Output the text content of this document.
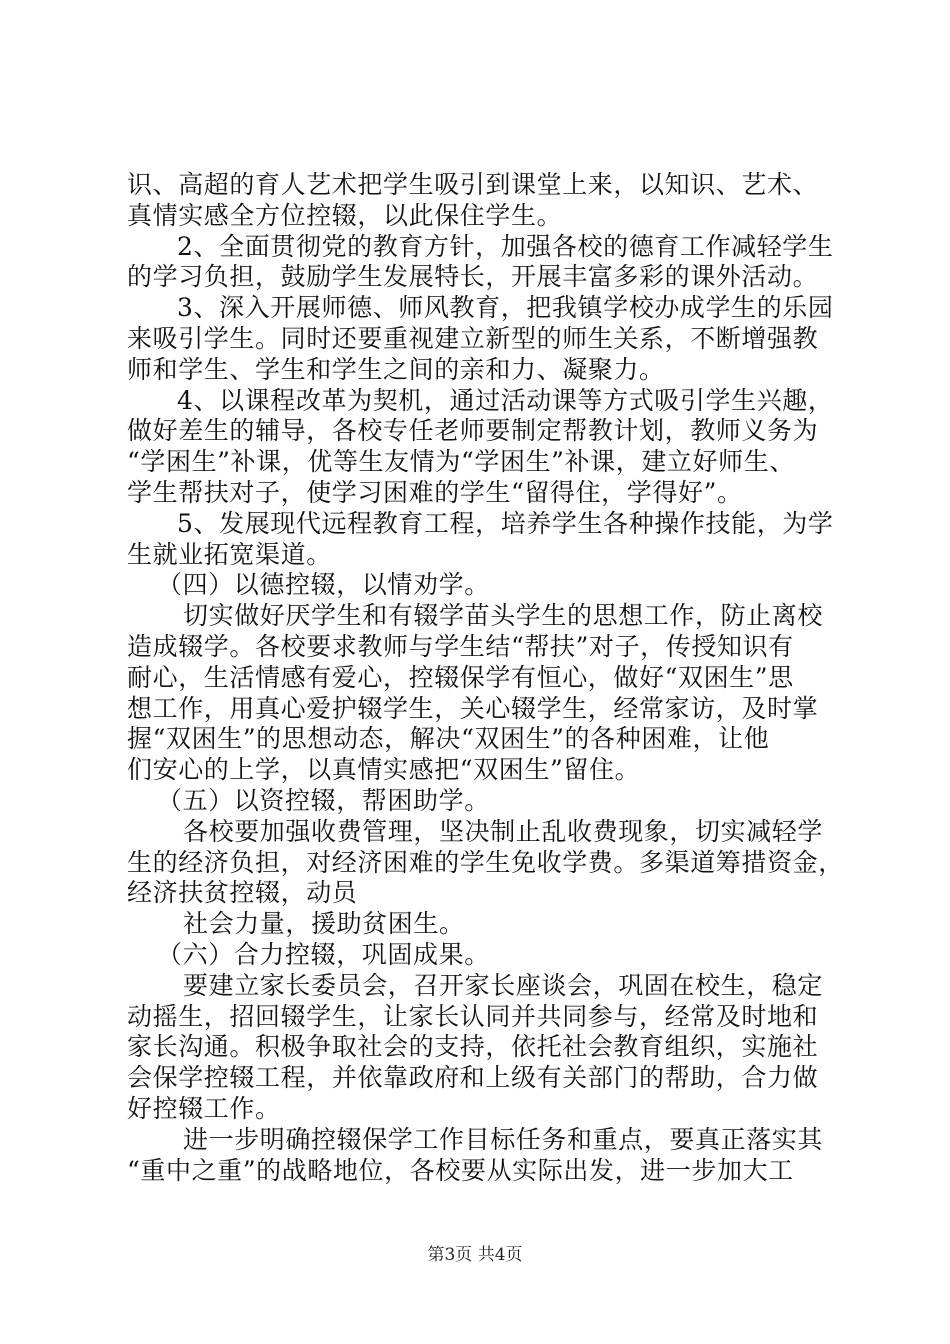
识、高超的育人艺术把学生吸引到课堂上来，以知识、艺术、
真情实感全方位控辍，以此保住学生。
2、全面贯彻党的教育方针，加强各校的德育工作减轻学生
的学习负担，鼓励学生发展特长，开展丰富多彩的课外活动。
3、深入开展师德、师风教育，把我镇学校办成学生的乐园
来吸引学生。同时还要重视建立新型的师生关系，不断增强教
师和学生、学生和学生之间的亲和力、凝聚力。
4、以课程改革为契机，通过活动课等方式吸引学生兴趣，
做好差生的辅导，各校专任老师要制定帮教计划，教师义务为
“学困生”补课，优等生友情为“学困生”补课，建立好师生、
学生帮扶对子，使学习困难的学生“留得住，学得好”。
5、发展现代远程教育工程，培养学生各种操作技能，为学
生就业拓宽渠道。
（四）以德控辍，以情劝学。
切实做好厌学生和有辍学苗头学生的思想工作，防止离校
造成辍学。各校要求教师与学生结“帮扶”对子，传授知识有
耐心，生活情感有爱心，控辍保学有恒心，做好“双困生”思
想工作，用真心爱护辍学生，关心辍学生，经常家访，及时掌
握“双困生”的思想动态，解决“双困生”的各种困难，让他
们安心的上学，以真情实感把“双困生”留住。
（五）以资控辍，帮困助学。
各校要加强收费管理，坚决制止乱收费现象，切实减轻学
生的经济负担，对经济困难的学生免收学费。多渠道筹措资金，
经济扶贫控辍，动员
社会力量，援助贫困生。
（六）合力控辍，巩固成果。
要建立家长委员会，召开家长座谈会，巩固在校生，稳定
动摇生，招回辍学生，让家长认同并共同参与，经常及时地和
家长沟通。积极争取社会的支持，依托社会教育组织，实施社
会保学控辍工程，并依靠政府和上级有关部门的帮助，合力做
好控辍工作。
进一步明确控辍保学工作目标任务和重点，要真正落实其
“重中之重”的战略地位，各校要从实际出发，进一步加大工
第3页 共4页
